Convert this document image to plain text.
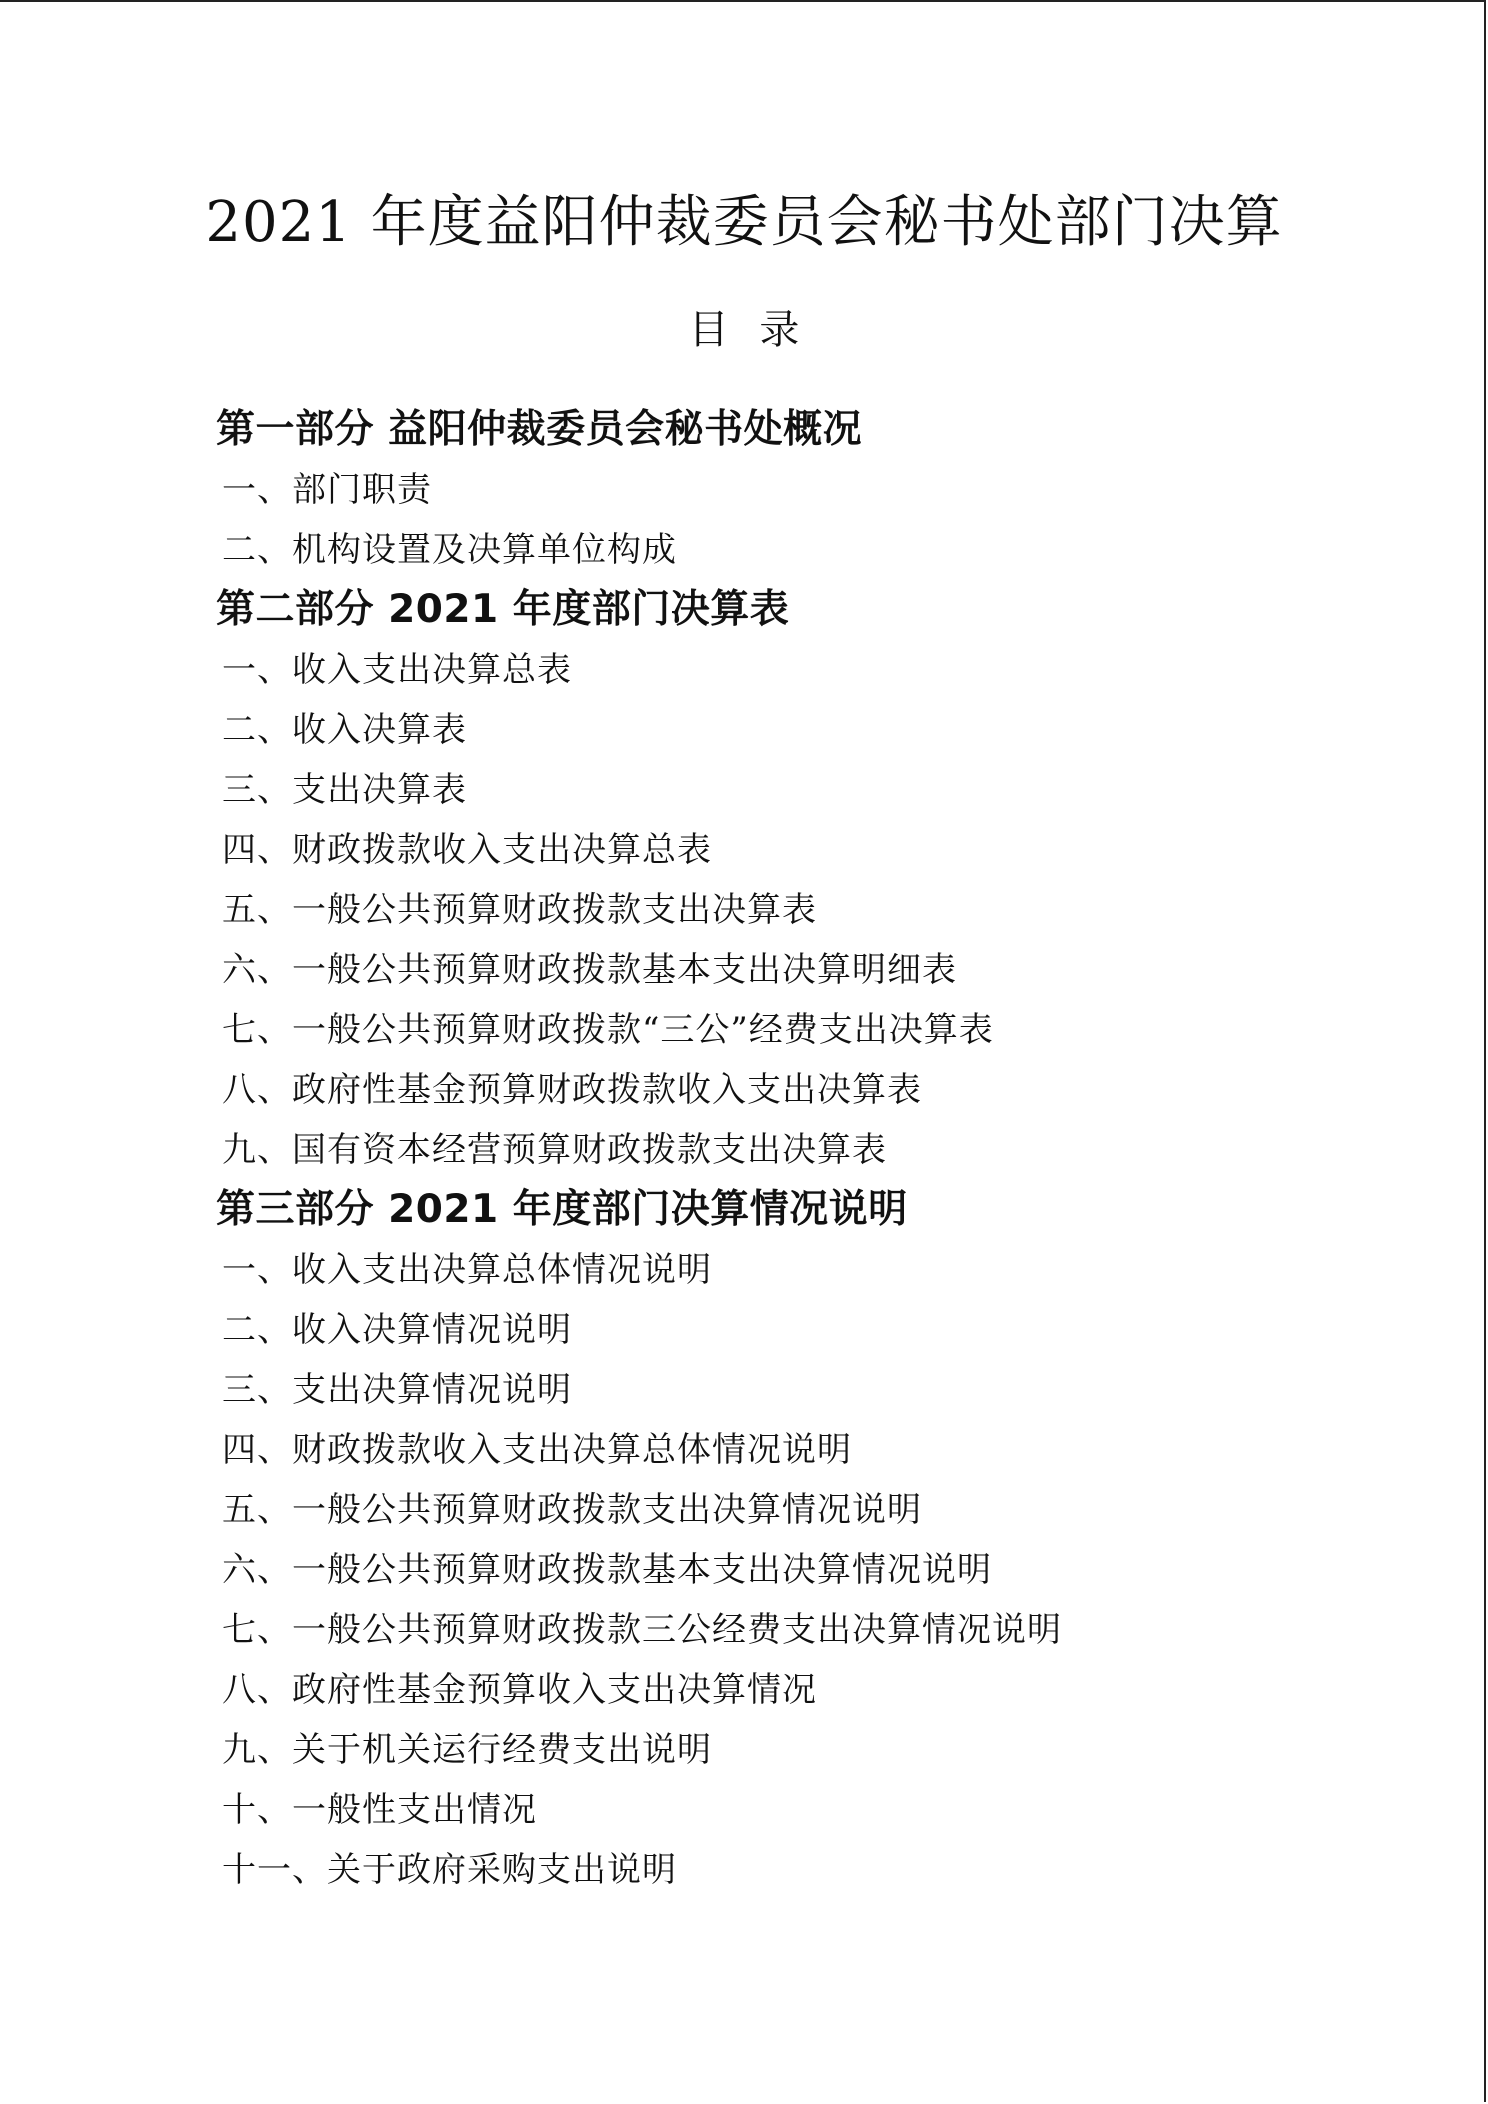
2021 年度益阳仲裁委员会秘书处部门决算
目 录
第一部分 益阳仲裁委员会秘书处概况
一、部门职责
二、机构设置及决算单位构成
第二部分 2021 年度部门决算表
一、收入支出决算总表
二、收入决算表
三、支出决算表
四、财政拨款收入支出决算总表
五、一般公共预算财政拨款支出决算表
六、一般公共预算财政拨款基本支出决算明细表
七、一般公共预算财政拨款“三公”经费支出决算表
八、政府性基金预算财政拨款收入支出决算表
九、国有资本经营预算财政拨款支出决算表
第三部分 2021 年度部门决算情况说明
一、收入支出决算总体情况说明
二、收入决算情况说明
三、支出决算情况说明
四、财政拨款收入支出决算总体情况说明
五、一般公共预算财政拨款支出决算情况说明
六、一般公共预算财政拨款基本支出决算情况说明
七、一般公共预算财政拨款三公经费支出决算情况说明
八、政府性基金预算收入支出决算情况
九、关于机关运行经费支出说明
十、一般性支出情况
十一、关于政府采购支出说明
